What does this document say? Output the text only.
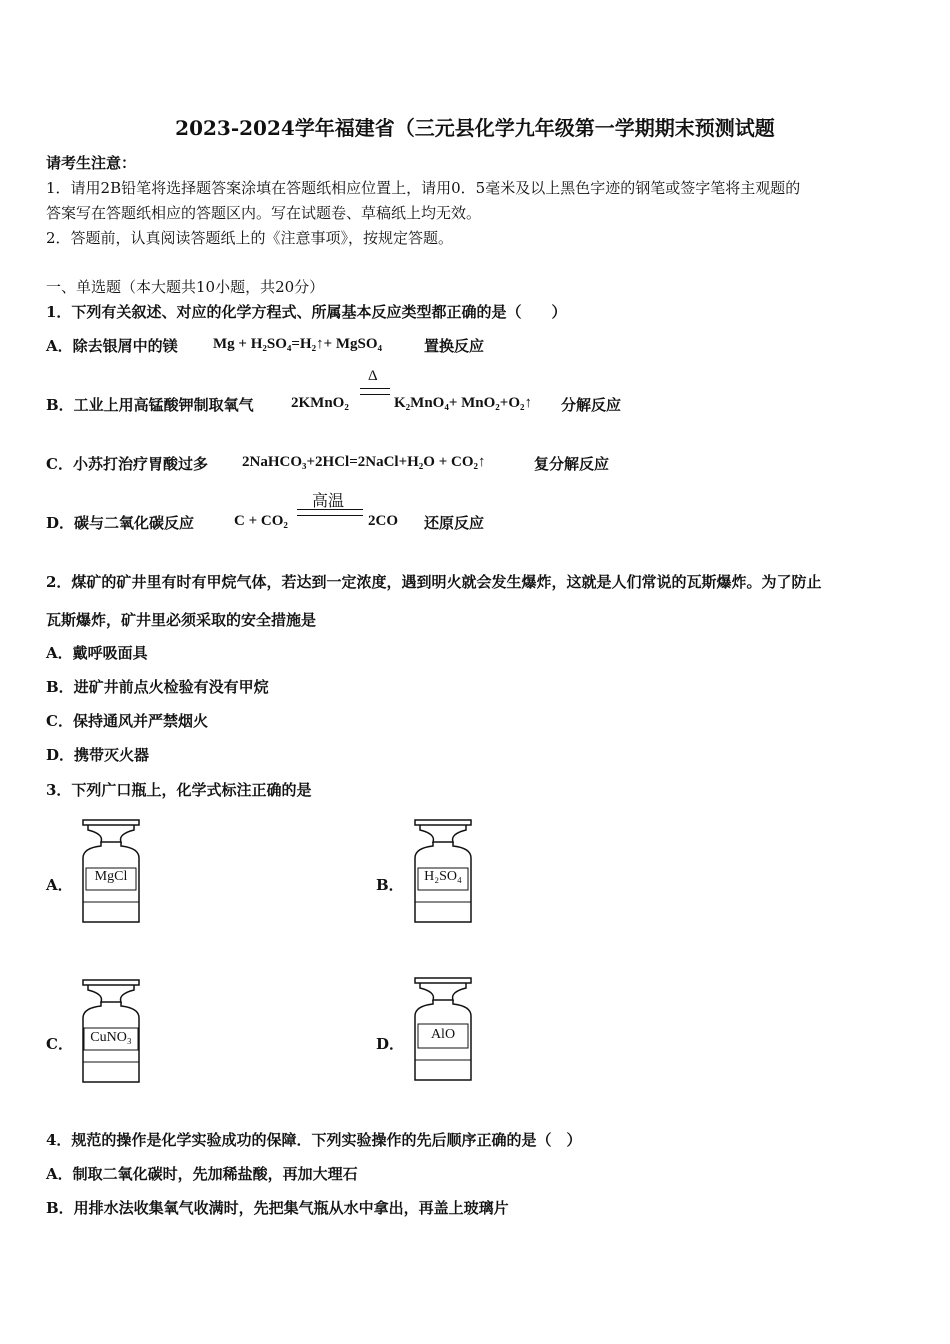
2023-2024学年福建省（三元县化学九年级第一学期期末预测试题
请考生注意：
1．请用2B铅笔将选择题答案涂填在答题纸相应位置上，请用0．5毫米及以上黑色字迹的钢笔或签字笔将主观题的
答案写在答题纸相应的答题区内。写在试题卷、草稿纸上均无效。
2．答题前，认真阅读答题纸上的《注意事项》，按规定答题。
一、单选题（本大题共10小题，共20分）
1．下列有关叙述、对应的化学方程式、所属基本反应类型都正确的是（　　）
A．除去银屑中的镁 Mg + H₂SO₄=H₂↑+ MgSO₄	置换反应
B．工业上用高锰酸钾制取氧气 2KMnO₂
Δ
K₂MnO₄+ MnO₂+O₂↑ 分解反应
C．小苏打治疗胃酸过多 2NaHCO₃+2HCl=2NaCl+H₂O + CO₂↑	复分解反应
D．碳与二氧化碳反应	C + CO₂
高温
2CO 还原反应
2．煤矿的矿井里有时有甲烷气体，若达到一定浓度，遇到明火就会发生爆炸，这就是人们常说的瓦斯爆炸。为了防止
瓦斯爆炸，矿井里必须采取的安全措施是
A．戴呼吸面具
B．进矿井前点火检验有没有甲烷
C．保持通风并严禁烟火
D．携带灭火器
3．下列广口瓶上，化学式标注正确的是
A．	MgCl	B．	H₂SO₄
C．	CuNO₃	D．
AlO
4．规范的操作是化学实验成功的保障．下列实验操作的先后顺序正确的是（　）
A．制取二氧化碳时，先加稀盐酸，再加大理石
B．用排水法收集氧气收满时，先把集气瓶从水中拿出，再盖上玻璃片
